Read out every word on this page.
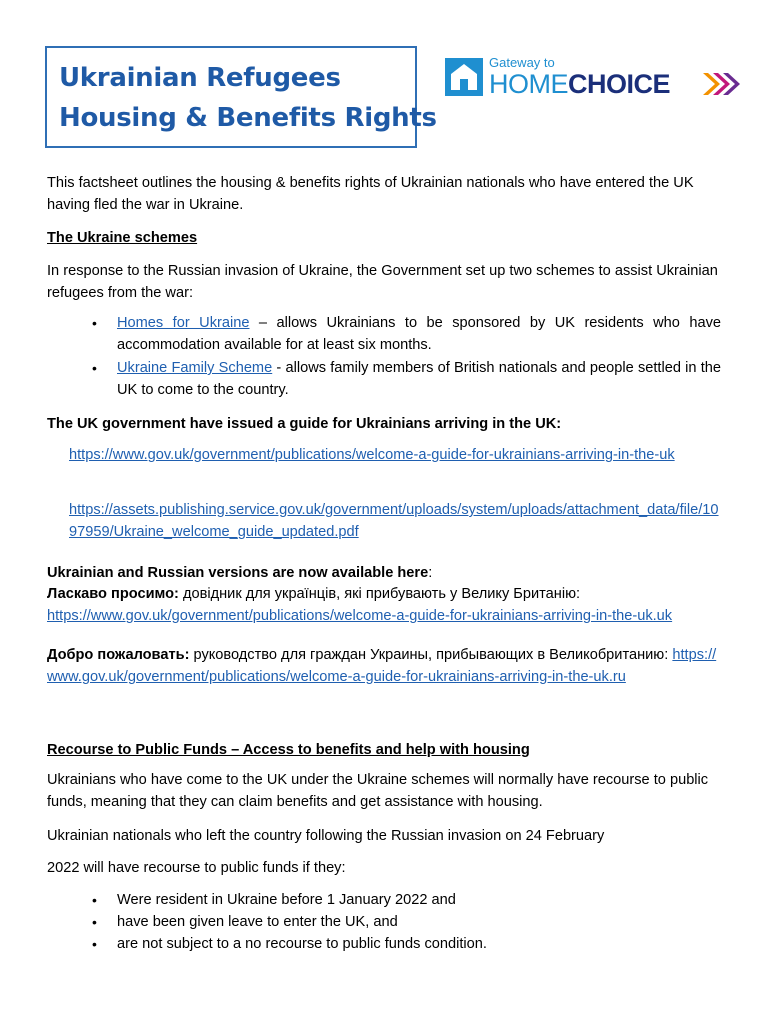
Ukrainian Refugees
Housing & Benefits Rights
Gateway to
HOMECHOICE
This factsheet outlines the housing & benefits rights of Ukrainian nationals who have entered the UK having fled the war in Ukraine.
The Ukraine schemes
In response to the Russian invasion of Ukraine, the Government set up two schemes to assist Ukrainian refugees from the war:
• Homes for Ukraine – allows Ukrainians to be sponsored by UK residents who have accommodation available for at least six months.
• Ukraine Family Scheme - allows family members of British nationals and people settled in the UK to come to the country.
The UK government have issued a guide for Ukrainians arriving in the UK:
https://www.gov.uk/government/publications/welcome-a-guide-for-ukrainians-arriving-in-the-uk
https://assets.publishing.service.gov.uk/government/uploads/system/uploads/attachment_data/file/1097959/Ukraine_welcome_guide_updated.pdf
Ukrainian and Russian versions are now available here:
Ласкаво просимо: довідник для українців, які прибувають у Велику Британію:
https://www.gov.uk/government/publications/welcome-a-guide-for-ukrainians-arriving-in-the-uk.uk
Добро пожаловать: руководство для граждан Украины, прибывающих в Великобританию: https://www.gov.uk/government/publications/welcome-a-guide-for-ukrainians-arriving-in-the-uk.ru
Recourse to Public Funds – Access to benefits and help with housing
Ukrainians who have come to the UK under the Ukraine schemes will normally have recourse to public funds, meaning that they can claim benefits and get assistance with housing.
Ukrainian nationals who left the country following the Russian invasion on 24 February
2022 will have recourse to public funds if they:
• Were resident in Ukraine before 1 January 2022 and
• have been given leave to enter the UK, and
• are not subject to a no recourse to public funds condition.
